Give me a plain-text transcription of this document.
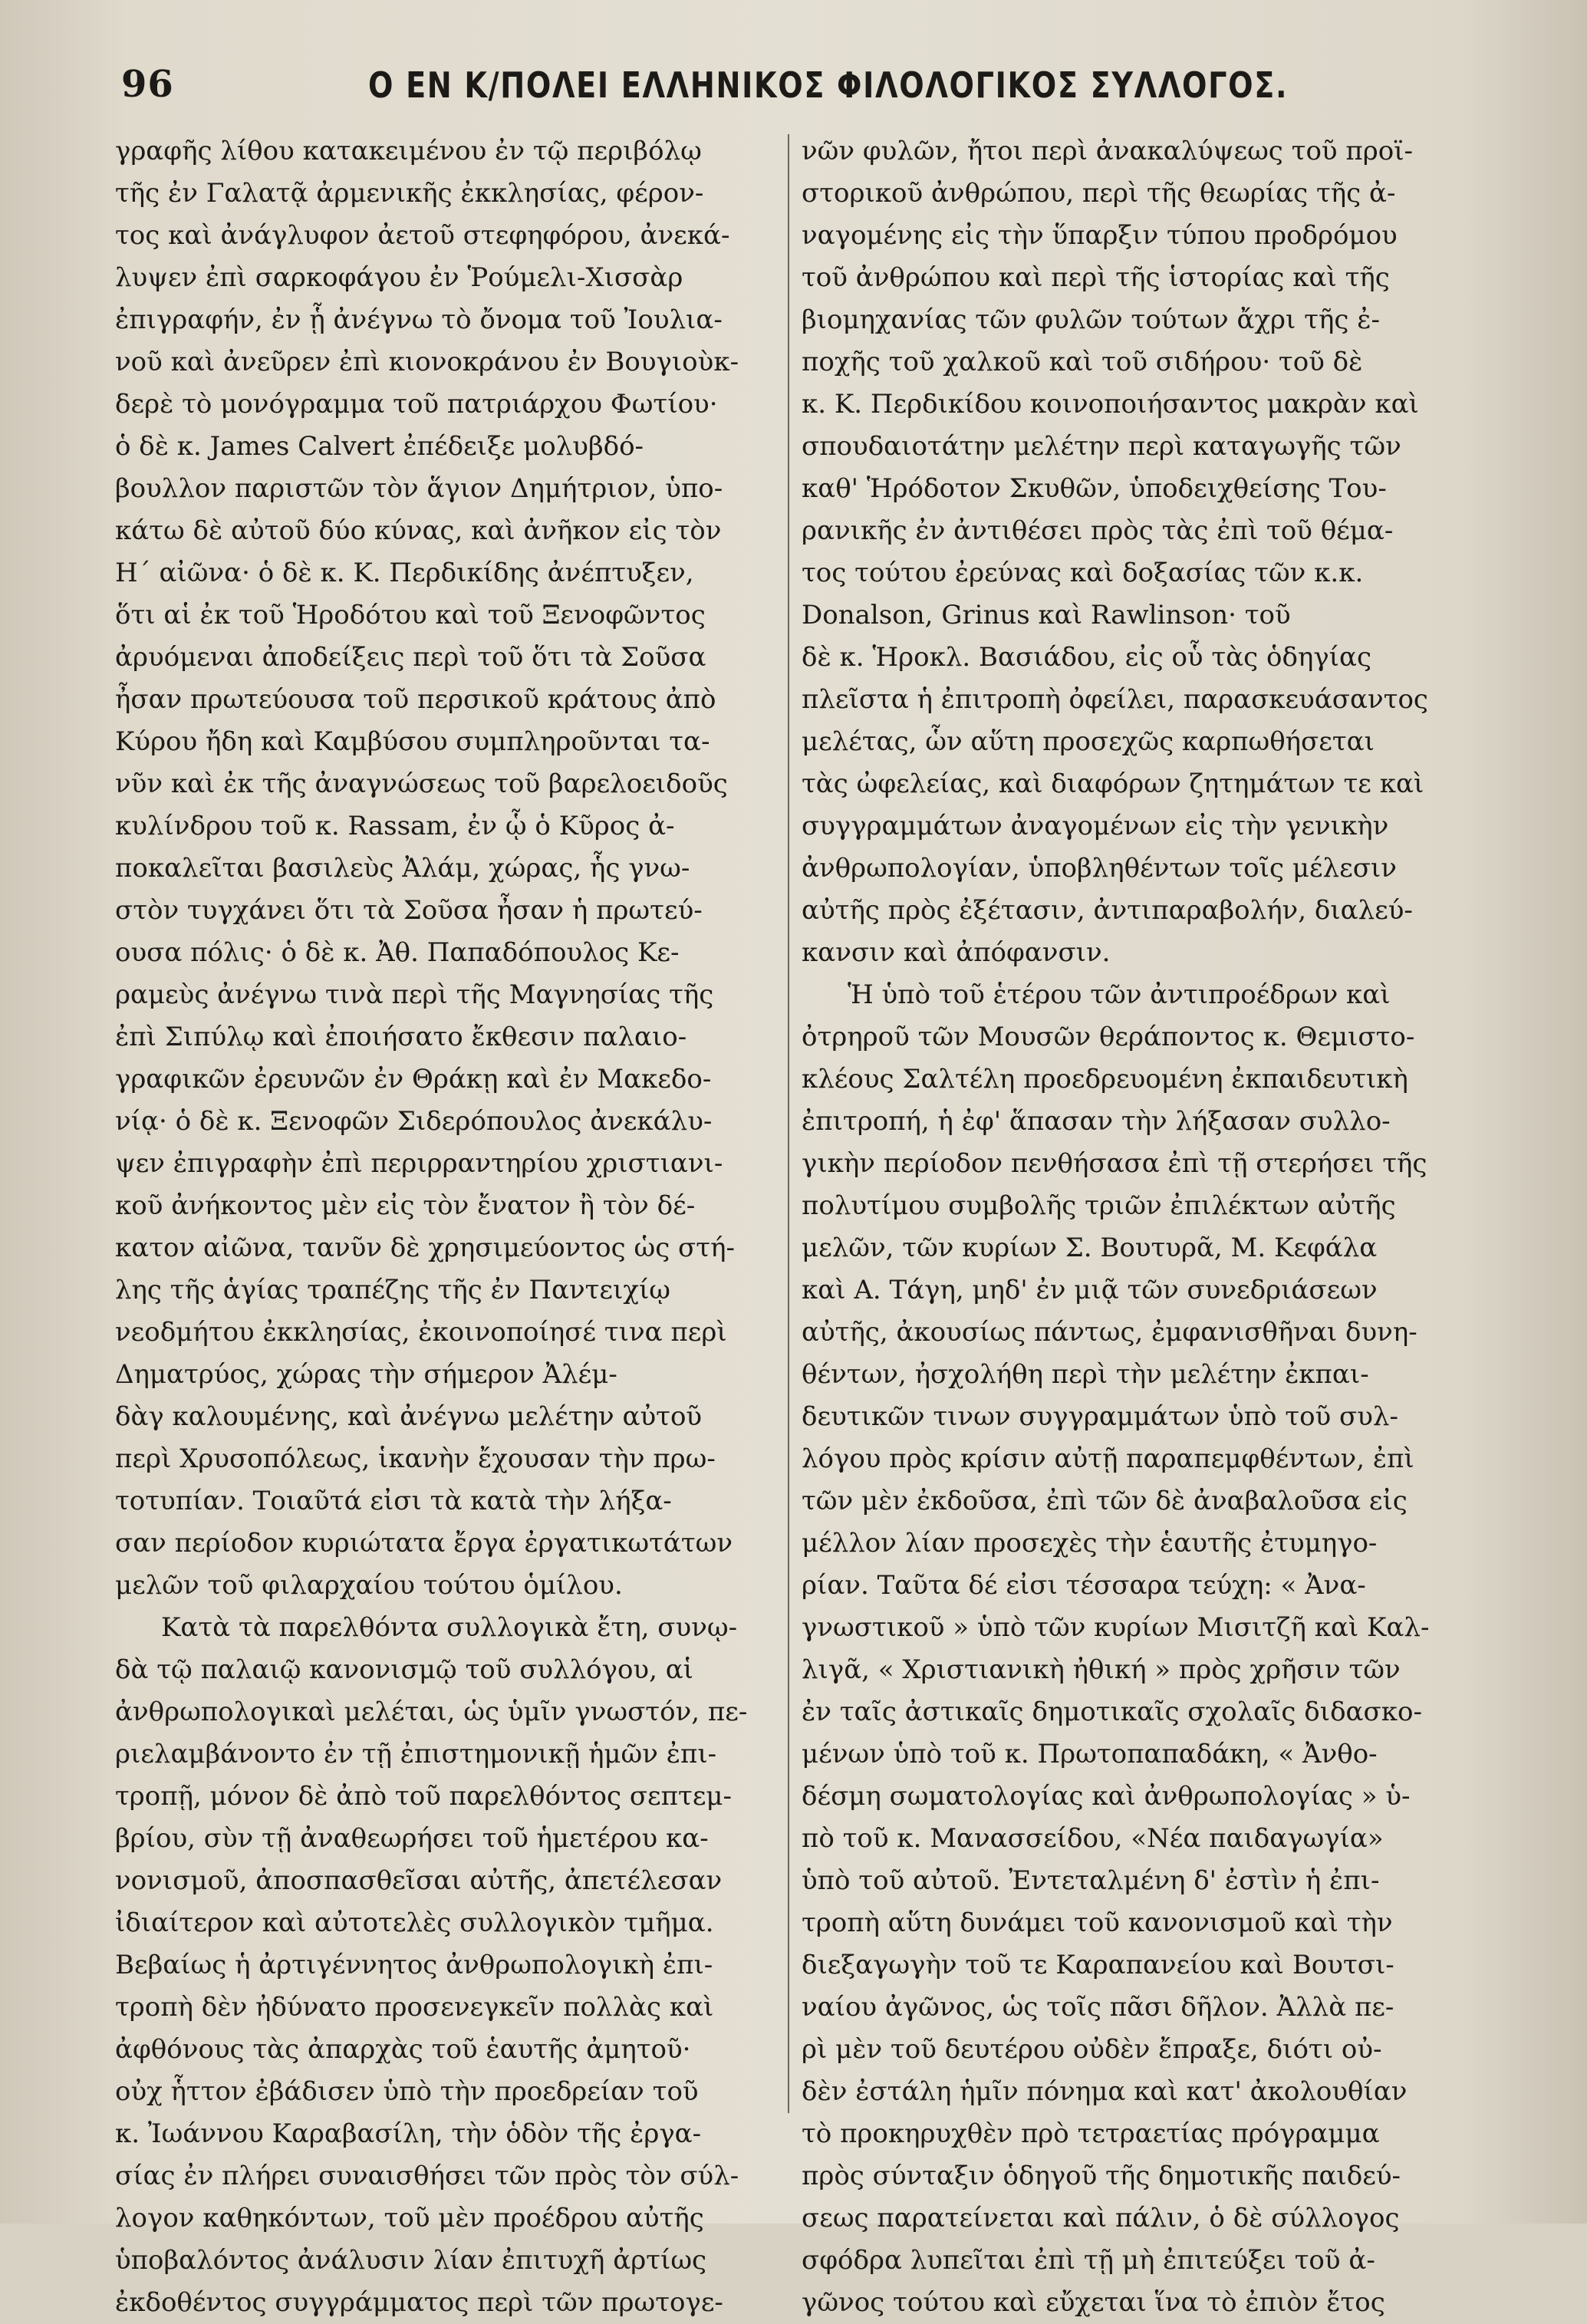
96	Ο ΕΝ Κ/ΠΟΛΕΙ ΕΛΛΗΝΙΚΟΣ ΦΙΛΟΛΟΓΙΚΟΣ ΣΥΛΛΟΓΟΣ.
γραφῆς λίθου κατακειμένου ἐν τῷ περιβόλῳ
τῆς ἐν Γαλατᾷ ἀρμενικῆς ἐκκλησίας, φέρον-
τος καὶ ἀνάγλυφον ἀετοῦ στεφηφόρου, ἀνεκά-
λυψεν ἐπὶ σαρκοφάγου ἐν Ῥούμελι-Χισσὰρ
ἐπιγραφήν, ἐν ᾗ ἀνέγνω τὸ ὄνομα τοῦ Ἰουλια-
νοῦ καὶ ἀνεῦρεν ἐπὶ κιονοκράνου ἐν Βουγιοὺκ-
δερὲ τὸ μονόγραμμα τοῦ πατριάρχου Φωτίου·
ὁ δὲ κ. James Calvert ἐπέδειξε μολυβδό-
βουλλον παριστῶν τὸν ἅγιον Δημήτριον, ὑπο-
κάτω δὲ αὐτοῦ δύο κύνας, καὶ ἀνῆκον εἰς τὸν
Η΄ αἰῶνα· ὁ δὲ κ. Κ. Περδικίδης ἀνέπτυξεν,
ὅτι αἱ ἐκ τοῦ Ἡροδότου καὶ τοῦ Ξενοφῶντος
ἀρυόμεναι ἀποδείξεις περὶ τοῦ ὅτι τὰ Σοῦσα
ἦσαν πρωτεύουσα τοῦ περσικοῦ κράτους ἀπὸ
Κύρου ἤδη καὶ Καμβύσου συμπληροῦνται τα-
νῦν καὶ ἐκ τῆς ἀναγνώσεως τοῦ βαρελοειδοῦς
κυλίνδρου τοῦ κ. Rassam, ἐν ᾧ ὁ Κῦρος ἀ-
ποκαλεῖται βασιλεὺς Ἀλάμ, χώρας, ἧς γνω-
στὸν τυγχάνει ὅτι τὰ Σοῦσα ἦσαν ἡ πρωτεύ-
ουσα πόλις· ὁ δὲ κ. Ἀθ. Παπαδόπουλος Κε-
ραμεὺς ἀνέγνω τινὰ περὶ τῆς Μαγνησίας τῆς
ἐπὶ Σιπύλῳ καὶ ἐποιήσατο ἔκθεσιν παλαιο-
γραφικῶν ἐρευνῶν ἐν Θράκῃ καὶ ἐν Μακεδο-
νίᾳ· ὁ δὲ κ. Ξενοφῶν Σιδερόπουλος ἀνεκάλυ-
ψεν ἐπιγραφὴν ἐπὶ περιρραντηρίου χριστιανι-
κοῦ ἀνήκοντος μὲν εἰς τὸν ἔνατον ἢ τὸν δέ-
κατον αἰῶνα, τανῦν δὲ χρησιμεύοντος ὡς στή-
λης τῆς ἁγίας τραπέζης τῆς ἐν Παντειχίῳ
νεοδμήτου ἐκκλησίας, ἐκοινοποίησέ τινα περὶ
Δηματρύος, χώρας τὴν σήμερον Ἀλέμ-
δὰγ καλουμένης, καὶ ἀνέγνω μελέτην αὐτοῦ
περὶ Χρυσοπόλεως, ἱκανὴν ἔχουσαν τὴν πρω-
τοτυπίαν. Τοιαῦτά εἰσι τὰ κατὰ τὴν λήξα-
σαν περίοδον κυριώτατα ἔργα ἐργατικωτάτων
μελῶν τοῦ φιλαρχαίου τούτου ὁμίλου.
Κατὰ τὰ παρελθόντα συλλογικὰ ἔτη, συνῳ-
δὰ τῷ παλαιῷ κανονισμῷ τοῦ συλλόγου, αἱ
ἀνθρωπολογικαὶ μελέται, ὡς ὑμῖν γνωστόν, πε-
ριελαμβάνοντο ἐν τῇ ἐπιστημονικῇ ἡμῶν ἐπι-
τροπῇ, μόνον δὲ ἀπὸ τοῦ παρελθόντος σεπτεμ-
βρίου, σὺν τῇ ἀναθεωρήσει τοῦ ἡμετέρου κα-
νονισμοῦ, ἀποσπασθεῖσαι αὐτῆς, ἀπετέλεσαν
ἰδιαίτερον καὶ αὐτοτελὲς συλλογικὸν τμῆμα.
Βεβαίως ἡ ἀρτιγέννητος ἀνθρωπολογικὴ ἐπι-
τροπὴ δὲν ἠδύνατο προσενεγκεῖν πολλὰς καὶ
ἀφθόνους τὰς ἀπαρχὰς τοῦ ἑαυτῆς ἀμητοῦ·
οὐχ ἧττον ἐβάδισεν ὑπὸ τὴν προεδρείαν τοῦ
κ. Ἰωάννου Καραβασίλη, τὴν ὁδὸν τῆς ἐργα-
σίας ἐν πλήρει συναισθήσει τῶν πρὸς τὸν σύλ-
λογον καθηκόντων, τοῦ μὲν προέδρου αὐτῆς
ὑποβαλόντος ἀνάλυσιν λίαν ἐπιτυχῆ ἀρτίως
ἐκδοθέντος συγγράμματος περὶ τῶν πρωτογε-
νῶν φυλῶν, ἤτοι περὶ ἀνακαλύψεως τοῦ προϊ-
στορικοῦ ἀνθρώπου, περὶ τῆς θεωρίας τῆς ἀ-
ναγομένης εἰς τὴν ὕπαρξιν τύπου προδρόμου
τοῦ ἀνθρώπου καὶ περὶ τῆς ἱστορίας καὶ τῆς
βιομηχανίας τῶν φυλῶν τούτων ἄχρι τῆς ἐ-
ποχῆς τοῦ χαλκοῦ καὶ τοῦ σιδήρου· τοῦ δὲ
κ. Κ. Περδικίδου κοινοποιήσαντος μακρὰν καὶ
σπουδαιοτάτην μελέτην περὶ καταγωγῆς τῶν
καθ' Ἡρόδοτον Σκυθῶν, ὑποδειχθείσης Του-
ρανικῆς ἐν ἀντιθέσει πρὸς τὰς ἐπὶ τοῦ θέμα-
τος τούτου ἐρεύνας καὶ δοξασίας τῶν κ.κ.
Donalson, Grinus καὶ Rawlinson· τοῦ
δὲ κ. Ἡροκλ. Βασιάδου, εἰς οὗ τὰς ὁδηγίας
πλεῖστα ἡ ἐπιτροπὴ ὀφείλει, παρασκευάσαντος
μελέτας, ὧν αὕτη προσεχῶς καρπωθήσεται
τὰς ὠφελείας, καὶ διαφόρων ζητημάτων τε καὶ
συγγραμμάτων ἀναγομένων εἰς τὴν γενικὴν
ἀνθρωπολογίαν, ὑποβληθέντων τοῖς μέλεσιν
αὐτῆς πρὸς ἐξέτασιν, ἀντιπαραβολήν, διαλεύ-
κανσιν καὶ ἀπόφανσιν.
Ἡ ὑπὸ τοῦ ἑτέρου τῶν ἀντιπροέδρων καὶ
ὀτρηροῦ τῶν Μουσῶν θεράποντος κ. Θεμιστο-
κλέους Σαλτέλη προεδρευομένη ἐκπαιδευτικὴ
ἐπιτροπή, ἡ ἐφ' ἅπασαν τὴν λήξασαν συλλο-
γικὴν περίοδον πενθήσασα ἐπὶ τῇ στερήσει τῆς
πολυτίμου συμβολῆς τριῶν ἐπιλέκτων αὐτῆς
μελῶν, τῶν κυρίων Σ. Βουτυρᾶ, Μ. Κεφάλα
καὶ Α. Τάγη, μηδ' ἐν μιᾷ τῶν συνεδριάσεων
αὐτῆς, ἀκουσίως πάντως, ἐμφανισθῆναι δυνη-
θέντων, ἠσχολήθη περὶ τὴν μελέτην ἐκπαι-
δευτικῶν τινων συγγραμμάτων ὑπὸ τοῦ συλ-
λόγου πρὸς κρίσιν αὐτῇ παραπεμφθέντων, ἐπὶ
τῶν μὲν ἐκδοῦσα, ἐπὶ τῶν δὲ ἀναβαλοῦσα εἰς
μέλλον λίαν προσεχὲς τὴν ἑαυτῆς ἐτυμηγο-
ρίαν. Ταῦτα δέ εἰσι τέσσαρα τεύχη: « Ἀνα-
γνωστικοῦ » ὑπὸ τῶν κυρίων Μισιτζῆ καὶ Καλ-
λιγᾶ, « Χριστιανικὴ ἠθική » πρὸς χρῆσιν τῶν
ἐν ταῖς ἀστικαῖς δημοτικαῖς σχολαῖς διδασκο-
μένων ὑπὸ τοῦ κ. Πρωτοπαπαδάκη, « Ἀνθο-
δέσμη σωματολογίας καὶ ἀνθρωπολογίας » ὑ-
πὸ τοῦ κ. Μανασσείδου, «Νέα παιδαγωγία»
ὑπὸ τοῦ αὐτοῦ. Ἐντεταλμένη δ' ἐστὶν ἡ ἐπι-
τροπὴ αὕτη δυνάμει τοῦ κανονισμοῦ καὶ τὴν
διεξαγωγὴν τοῦ τε Καραπανείου καὶ Βουτσι-
ναίου ἀγῶνος, ὡς τοῖς πᾶσι δῆλον. Ἀλλὰ πε-
ρὶ μὲν τοῦ δευτέρου οὐδὲν ἔπραξε, διότι οὐ-
δὲν ἐστάλη ἡμῖν πόνημα καὶ κατ' ἀκολουθίαν
τὸ προκηρυχθὲν πρὸ τετραετίας πρόγραμμα
πρὸς σύνταξιν ὁδηγοῦ τῆς δημοτικῆς παιδεύ-
σεως παρατείνεται καὶ πάλιν, ὁ δὲ σύλλογος
σφόδρα λυπεῖται ἐπὶ τῇ μὴ ἐπιτεύξει τοῦ ἀ-
γῶνος τούτου καὶ εὔχεται ἵνα τὸ ἐπιὸν ἔτος
